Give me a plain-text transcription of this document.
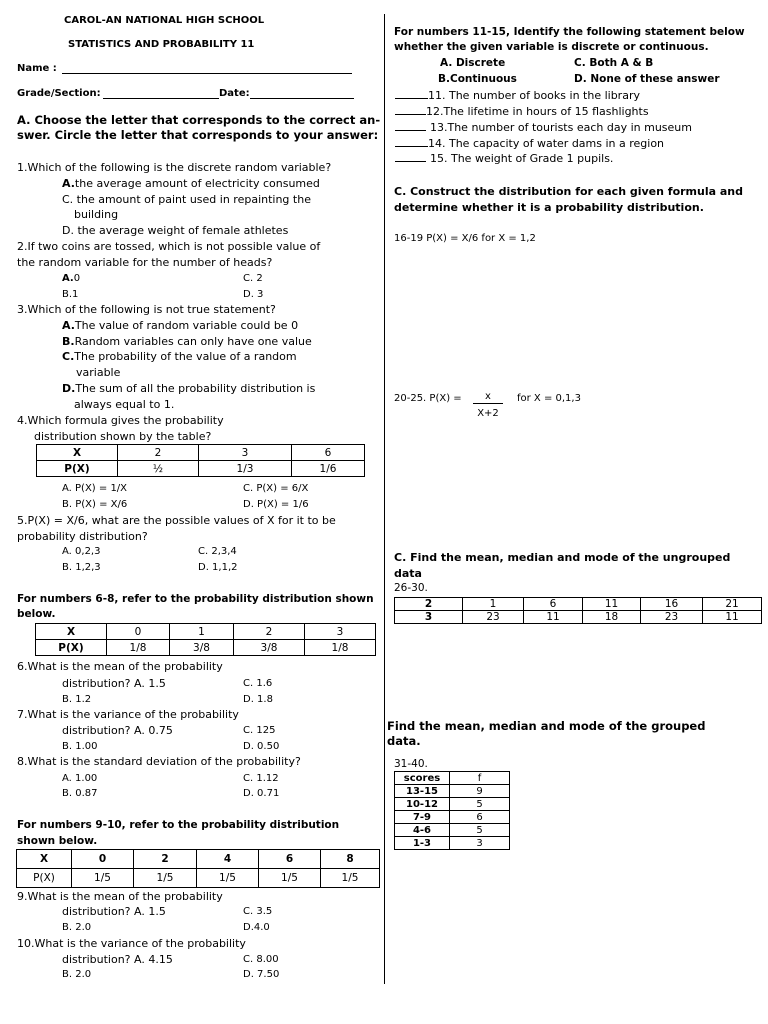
CAROL-AN NATIONAL HIGH SCHOOL
STATISTICS AND PROBABILITY 11
Name :
Grade/Section:	Date:
A. Choose the letter that corresponds to the correct an-
swer. Circle the letter that corresponds to your answer:
1.Which of the following is the discrete random variable?
A.the average amount of electricity consumed
C. the amount of paint used in repainting the
building
D. the average weight of female athletes
2.If two coins are tossed, which is not possible value of
the random variable for the number of heads?
A.0	C. 2
B.1	D. 3
3.Which of the following is not true statement?
A.The value of random variable could be 0
B.Random variables can only have one value
C.The probability of the value of a random
variable
D.The sum of all the probability distribution is
always equal to 1.
4.Which formula gives the probability
distribution shown by the table?
X	2	3	6
P(X)	½	1/3	1/6
A. P(X) = 1/X	C. P(X) = 6/X
B. P(X) = X/6	D. P(X) = 1/6
5.P(X) = X/6, what are the possible values of X for it to be
probability distribution?
A. 0,2,3	C. 2,3,4
B. 1,2,3	D. 1,1,2
For numbers 6-8, refer to the probability distribution shown
below.
X	0	1	2	3
P(X)	1/8	3/8	3/8	1/8
6.What is the mean of the probability
distribution? A. 1.5	C. 1.6
B. 1.2	D. 1.8
7.What is the variance of the probability
distribution? A. 0.75	C. 125
B. 1.00	D. 0.50
8.What is the standard deviation of the probability?
A. 1.00	C. 1.12
B. 0.87	D. 0.71
For numbers 9-10, refer to the probability distribution
shown below.
X	0	2	4	6	8
P(X)	1/5	1/5	1/5	1/5	1/5
9.What is the mean of the probability
distribution? A. 1.5	C. 3.5
B. 2.0	D.4.0
10.What is the variance of the probability
distribution? A. 4.15	C. 8.00
B. 2.0	D. 7.50
For numbers 11-15, Identify the following statement below
whether the given variable is discrete or continuous.
A. Discrete	C. Both A & B
B.Continuous	D. None of these answer
11. The number of books in the library
12.The lifetime in hours of 15 flashlights
13.The number of tourists each day in museum
14. The capacity of water dams in a region
15. The weight of Grade 1 pupils.
C. Construct the distribution for each given formula and
determine whether it is a probability distribution.
16-19 P(X) = X/6 for X = 1,2
20-25. P(X) =	x
X+2
for X = 0,1,3
C. Find the mean, median and mode of the ungrouped
data
26-30.
2	1	6	11	16	21
3	23	11	18	23	11
Find the mean, median and mode of the grouped
data.
31-40.
scores	f
13-15	9
10-12	5
7-9	6
4-6	5
1-3	3
